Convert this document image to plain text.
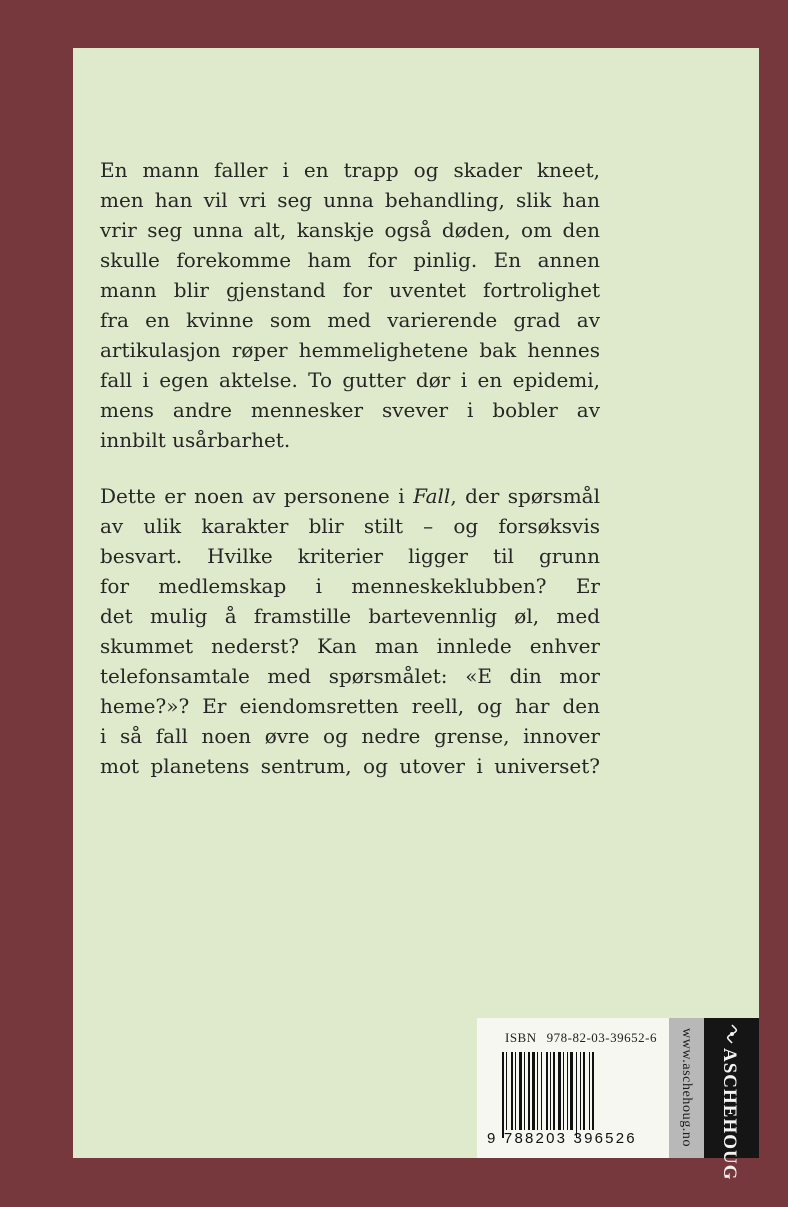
En mann faller i en trapp og skader kneet,
men han vil vri seg unna behandling, slik han
vrir seg unna alt, kanskje også døden, om den
skulle forekomme ham for pinlig. En annen
mann blir gjenstand for uventet fortrolighet
fra en kvinne som med varierende grad av
artikulasjon røper hemmelighetene bak hennes
fall i egen aktelse. To gutter dør i en epidemi,
mens andre mennesker svever i bobler av
innbilt usårbarhet.
Dette er noen av personene i Fall, der spørsmål
av ulik karakter blir stilt – og forsøksvis
besvart. Hvilke kriterier ligger til grunn
for medlemskap i menneskeklubben? Er
det mulig å framstille bartevennlig øl, med
skummet nederst? Kan man innlede enhver
telefonsamtale med spørsmålet: «E din mor
heme?»? Er eiendomsretten reell, og har den
i så fall noen øvre og nedre grense, innover
mot planetens sentrum, og utover i universet?
ISBN 978-82-03-39652-6
9 788203 396526	www.aschehoug.no ASCHEHOUG
